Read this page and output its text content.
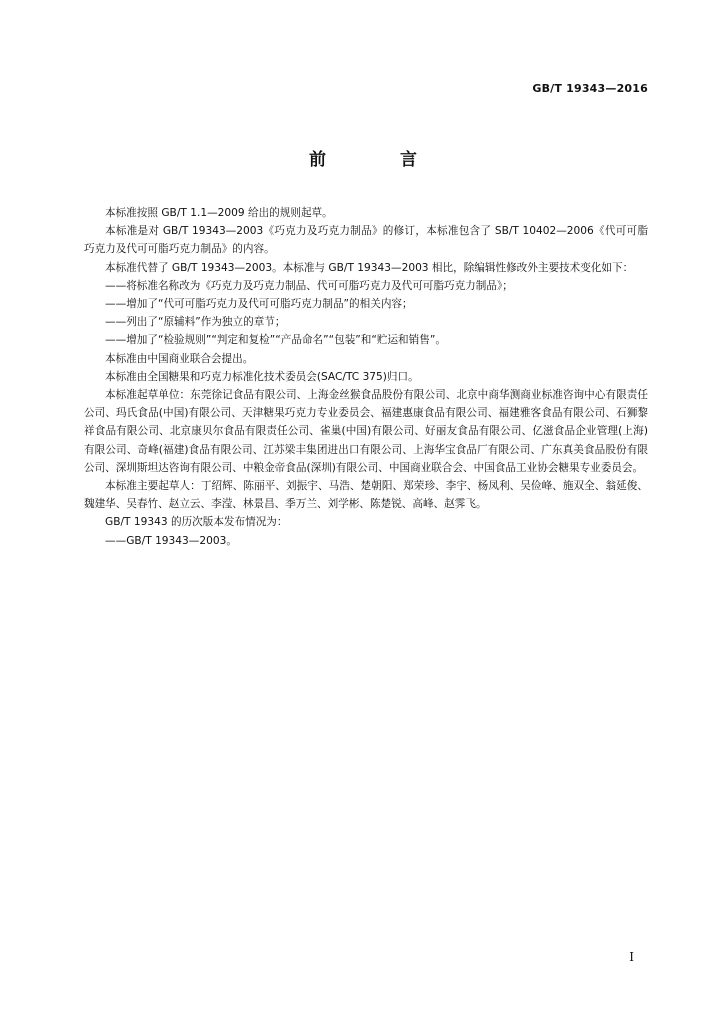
GB/T 19343—2016
前 言

本标准按照 GB/T 1.1—2009 给出的规则起草。

本标准是对 GB/T 19343—2003《巧克力及巧克力制品》的修订，本标准包含了 SB/T 10402—2006《代可可脂巧克力及代可可脂巧克力制品》的内容。

本标准代替了 GB/T 19343—2003。本标准与 GB/T 19343—2003 相比，除编辑性修改外主要技术变化如下：

——将标准名称改为《巧克力及巧克力制品、代可可脂巧克力及代可可脂巧克力制品》；

——增加了“代可可脂巧克力及代可可脂巧克力制品”的相关内容；

——列出了“原辅料”作为独立的章节；

——增加了“检验规则”“判定和复检”“产品命名”“包装”和“贮运和销售”。

本标准由中国商业联合会提出。

本标准由全国糖果和巧克力标准化技术委员会(SAC/TC 375)归口。

本标准起草单位：东莞徐记食品有限公司、上海金丝猴食品股份有限公司、北京中商华测商业标准咨询中心有限责任公司、玛氏食品(中国)有限公司、天津糖果巧克力专业委员会、福建惠康食品有限公司、福建雅客食品有限公司、石狮黎祥食品有限公司、北京康贝尔食品有限责任公司、雀巢(中国)有限公司、好丽友食品有限公司、亿滋食品企业管理(上海)有限公司、奇峰(福建)食品有限公司、江苏梁丰集团进出口有限公司、上海华宝食品厂有限公司、广东真美食品股份有限公司、深圳斯坦达咨询有限公司、中粮金帝食品(深圳)有限公司、中国商业联合会、中国食品工业协会糖果专业委员会。

本标准主要起草人：丁绍辉、陈丽平、刘振宇、马浩、楚朝阳、郑荣珍、李宇、杨凤利、吴俭峰、施双全、翁延俊、魏建华、吴春竹、赵立云、李滢、林景昌、季万兰、刘学彬、陈楚锐、高峰、赵霁飞。

GB/T 19343 的历次版本发布情况为：

——GB/T 19343—2003。

I
